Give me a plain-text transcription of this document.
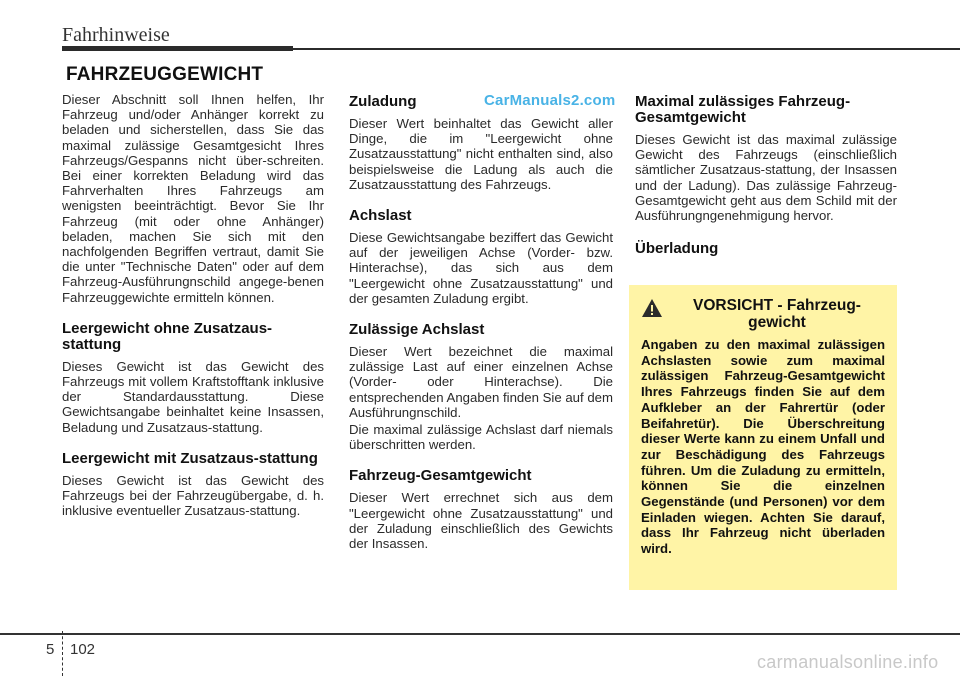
Fahrhinweise
FAHRZEUGGEWICHT

Dieser Abschnitt soll Ihnen helfen, Ihr Fahrzeug und/oder Anhänger korrekt zu beladen und sicherstellen, dass Sie das maximal zulässige Gesamtgesicht Ihres Fahrzeugs/Gespanns nicht über-schreiten. Bei einer korrekten Beladung wird das Fahrverhalten Ihres Fahrzeugs am wenigsten beeinträchtigt. Bevor Sie Ihr Fahrzeug (mit oder ohne Anhänger) beladen, machen Sie sich mit den nachfolgenden Begriffen vertraut, damit Sie die unter "Technische Daten" oder auf dem Fahrzeug-Ausführungnschild angege-benen Fahrzeuggewichte ermitteln können.

Leergewicht ohne Zusatzaus-stattung

Dieses Gewicht ist das Gewicht des Fahrzeugs mit vollem Kraftstofftank inklusive der Standardausstattung. Diese Gewichtsangabe beinhaltet keine Insassen, Beladung und Zusatzaus-stattung.

Leergewicht mit Zusatzaus-stattung

Dieses Gewicht ist das Gewicht des Fahrzeugs bei der Fahrzeugübergabe, d. h. inklusive eventueller Zusatzaus-stattung.

Zuladung

Dieser Wert beinhaltet das Gewicht aller Dinge, die im "Leergewicht ohne Zusatzausstattung" nicht enthalten sind, also beispielsweise die Ladung als auch die Zusatzausstattung des Fahrzeugs.

Achslast

Diese Gewichtsangabe beziffert das Gewicht auf der jeweiligen Achse (Vorder- bzw. Hinterachse), das sich aus dem "Leergewicht ohne Zusatzausstattung" und der gesamten Zuladung ergibt.

Zulässige Achslast

Dieser Wert bezeichnet die maximal zulässige Last auf einer einzelnen Achse (Vorder- oder Hinterachse). Die entsprechenden Angaben finden Sie auf dem Ausführungnschild.

Die maximal zulässige Achslast darf niemals überschritten werden.

Fahrzeug-Gesamtgewicht

Dieser Wert errechnet sich aus dem "Leergewicht ohne Zusatzausstattung" und der Zuladung einschließlich des Gewichts der Insassen.

CarManuals2.com Maximal zulässiges Fahrzeug-Gesamtgewicht

Dieses Gewicht ist das maximal zulässige Gewicht des Fahrzeugs (einschließlich sämtlicher Zusatzaus-stattung, der Insassen und der Ladung). Das zulässige Fahrzeug-Gesamtgewicht geht aus dem Schild mit der Ausführungngenehmigung hervor.

Überladung
VORSICHT - Fahrzeug-gewicht

Angaben zu den maximal zulässigen Achslasten sowie zum maximal zulässigen Fahrzeug-Gesamtgewicht Ihres Fahrzeugs finden Sie auf dem Aufkleber an der Fahrertür (oder Beifahretür). Die Überschreitung dieser Werte kann zu einem Unfall und zur Beschädigung des Fahrzeugs führen. Um die Zuladung zu ermitteln, können Sie die einzelnen Gegenstände (und Personen) vor dem Einladen wiegen. Achten Sie darauf, dass Ihr Fahrzeug nicht überladen wird.

5 102
carmanualsonline.info
